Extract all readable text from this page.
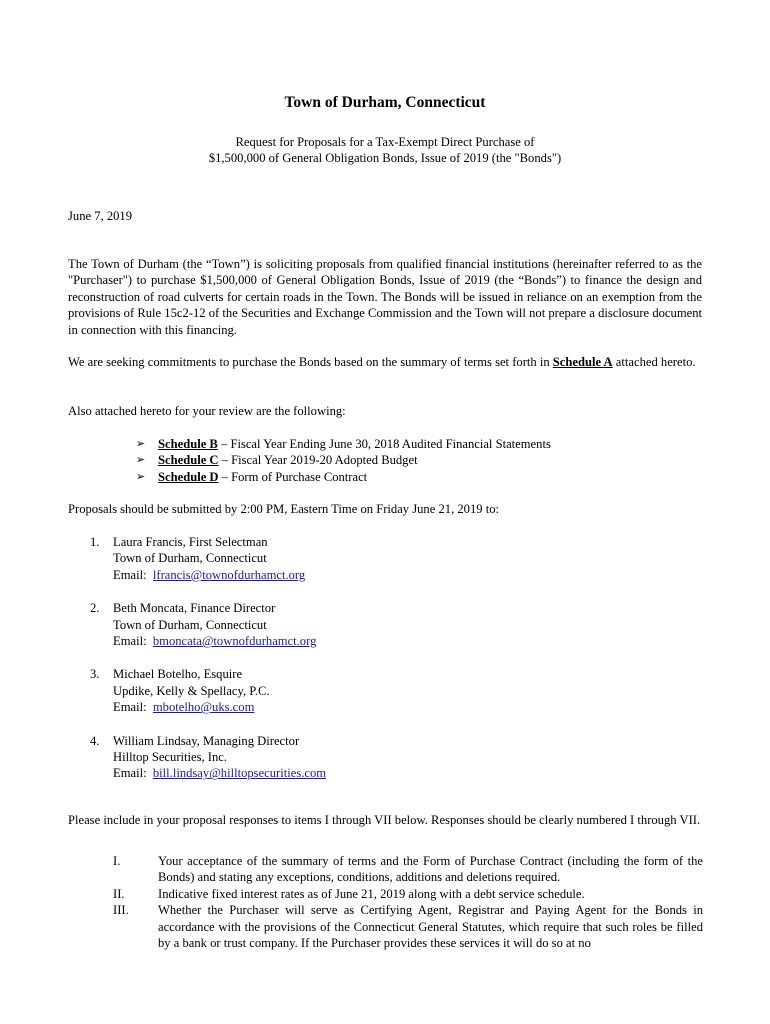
Town of Durham, Connecticut
Request for Proposals for a Tax-Exempt Direct Purchase of
$1,500,000 of General Obligation Bonds, Issue of 2019 (the "Bonds")
June 7, 2019
The Town of Durham (the “Town”) is soliciting proposals from qualified financial institutions (hereinafter referred to as the "Purchaser") to purchase $1,500,000 of General Obligation Bonds, Issue of 2019 (the “Bonds”) to finance the design and reconstruction of road culverts for certain roads in the Town. The Bonds will be issued in reliance on an exemption from the provisions of Rule 15c2-12 of the Securities and Exchange Commission and the Town will not prepare a disclosure document in connection with this financing.
We are seeking commitments to purchase the Bonds based on the summary of terms set forth in Schedule A attached hereto.
Also attached hereto for your review are the following:
➢	Schedule B – Fiscal Year Ending June 30, 2018 Audited Financial Statements
➢	Schedule C – Fiscal Year 2019-20 Adopted Budget
➢	Schedule D – Form of Purchase Contract
Proposals should be submitted by 2:00 PM, Eastern Time on Friday June 21, 2019 to:
1.	Laura Francis, First Selectman
Town of Durham, Connecticut
Email: lfrancis@townofdurhamct.org
2.	Beth Moncata, Finance Director
Town of Durham, Connecticut
Email: bmoncata@townofdurhamct.org
3.	Michael Botelho, Esquire
Updike, Kelly & Spellacy, P.C.
Email: mbotelho@uks.com
4.	William Lindsay, Managing Director
Hilltop Securities, Inc.
Email: bill.lindsay@hilltopsecurities.com
Please include in your proposal responses to items I through VII below. Responses should be clearly numbered I through VII.
I.	Your acceptance of the summary of terms and the Form of Purchase Contract (including the form of the Bonds) and stating any exceptions, conditions, additions and deletions required.
II.	Indicative fixed interest rates as of June 21, 2019 along with a debt service schedule.
III.	Whether the Purchaser will serve as Certifying Agent, Registrar and Paying Agent for the Bonds in accordance with the provisions of the Connecticut General Statutes, which require that such roles be filled by a bank or trust company. If the Purchaser provides these services it will do so at no
